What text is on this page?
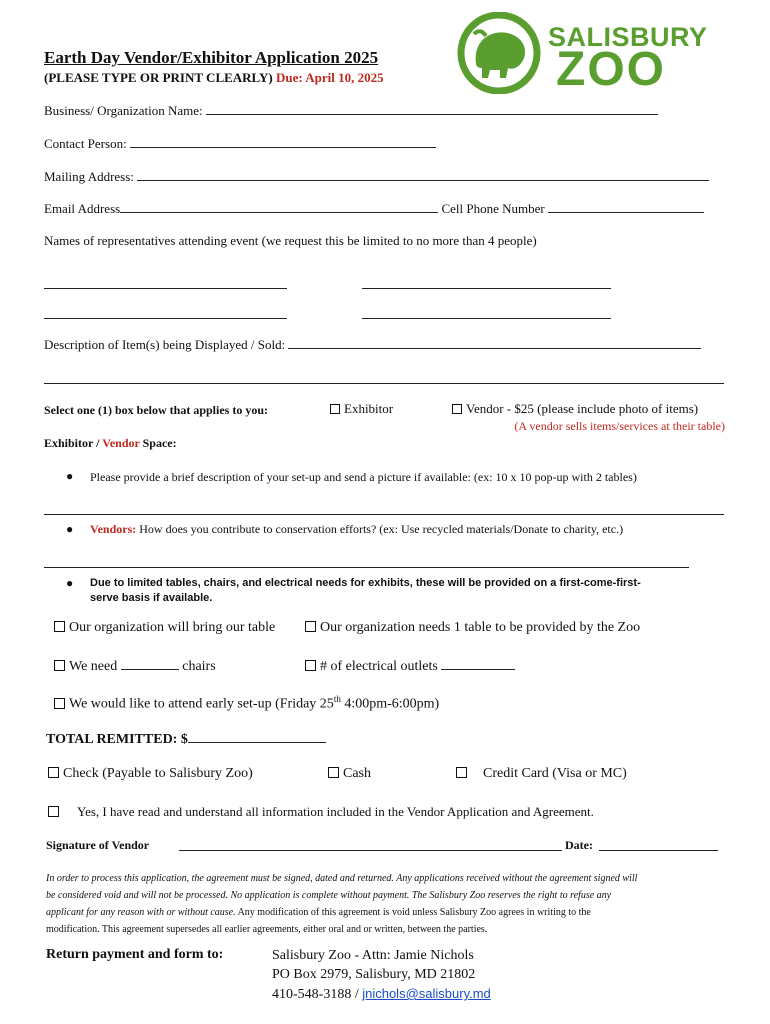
Earth Day Vendor/Exhibitor Application 2025
(PLEASE TYPE OR PRINT CLEARLY) Due: April 10, 2025
SALISBURY
ZOO
Business/ Organization Name:
Contact Person:
Mailing Address:
Email Address	Cell Phone Number
Names of representatives attending event (we request this be limited to no more than 4 people)
Description of Item(s) being Displayed / Sold:
Select one (1) box below that applies to you:	Exhibitor	Vendor - $25 (please include photo of items)
(A vendor sells items/services at their table)
Exhibitor / Vendor Space:
● Please provide a brief description of your set-up and send a picture if available: (ex: 10 x 10 pop-up with 2 tables)
● Vendors: How does you contribute to conservation efforts? (ex: Use recycled materials/Donate to charity, etc.)
● Due to limited tables, chairs, and electrical needs for exhibits, these will be provided on a first-come-first-
serve basis if available.
Our organization will bring our table	Our organization needs 1 table to be provided by the Zoo
We need	chairs	# of electrical outlets
We would like to attend early set-up (Friday 25th 4:00pm-6:00pm)
TOTAL REMITTED: $
Check (Payable to Salisbury Zoo)	Cash	Credit Card (Visa or MC)
Yes, I have read and understand all information included in the Vendor Application and Agreement.
Signature of Vendor	Date:
In order to process this application, the agreement must be signed, dated and returned. Any applications received without the agreement signed will
be considered void and will not be processed. No application is complete without payment. The Salisbury Zoo reserves the right to refuse any
applicant for any reason with or without cause. Any modification of this agreement is void unless Salisbury Zoo agrees in writing to the
modification. This agreement supersedes all earlier agreements, either oral and or written, between the parties.
Return payment and form to:	Salisbury Zoo - Attn: Jamie Nichols
PO Box 2979, Salisbury, MD 21802
410-548-3188 / jnichols@salisbury.md
